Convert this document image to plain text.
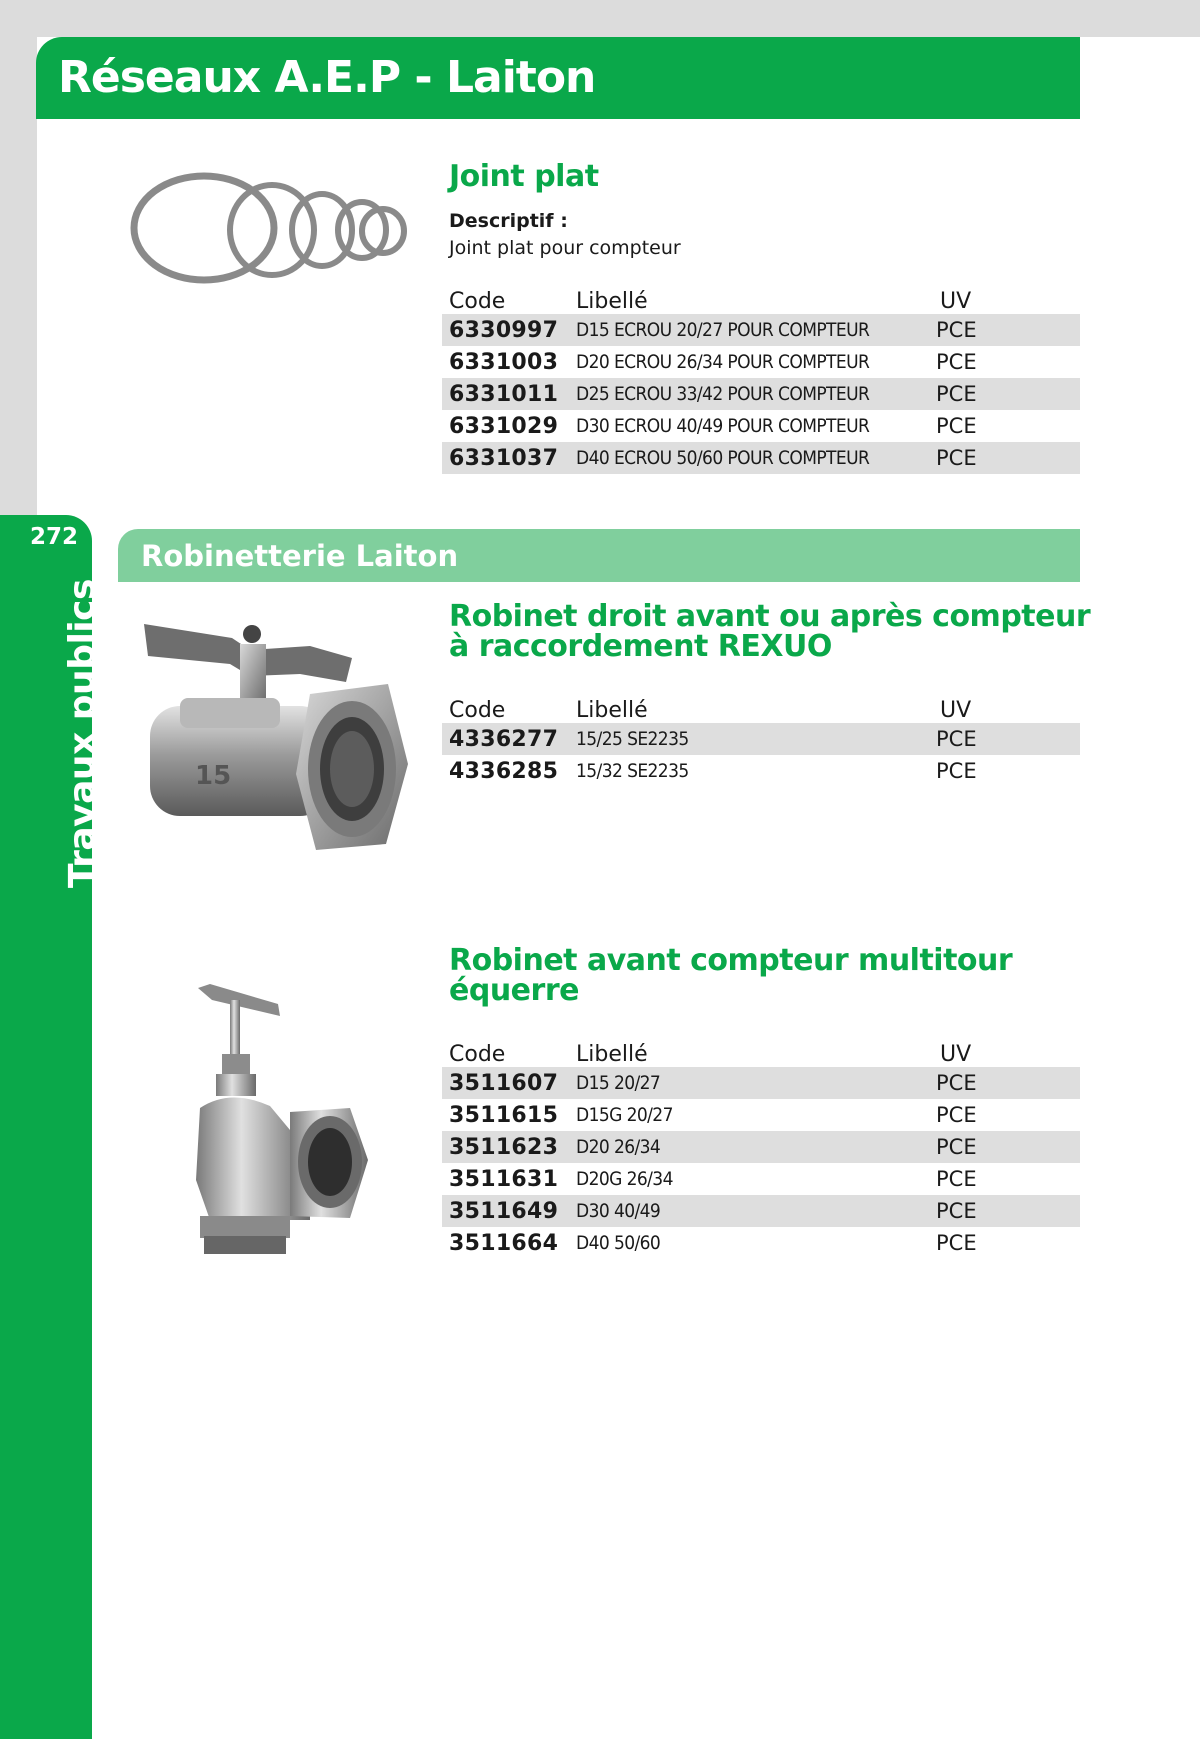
Réseaux A.E.P - Laiton
272
Travaux publics
Joint plat
Descriptif :
Joint plat pour compteur
Code	Libellé	UV
6330997	D15 ECROU 20/27 POUR COMPTEUR	PCE
6331003	D20 ECROU 26/34 POUR COMPTEUR	PCE
6331011	D25 ECROU 33/42 POUR COMPTEUR	PCE
6331029	D30 ECROU 40/49 POUR COMPTEUR	PCE
6331037	D40 ECROU 50/60 POUR COMPTEUR	PCE
Robinetterie Laiton
15
Robinet droit avant ou après compteur
à raccordement REXUO
Code	Libellé	UV
4336277	15/25 SE2235	PCE
4336285	15/32 SE2235	PCE
Robinet avant compteur multitour
équerre
Code	Libellé	UV
3511607	D15 20/27	PCE
3511615	D15G 20/27	PCE
3511623	D20 26/34	PCE
3511631	D20G 26/34	PCE
3511649	D30 40/49	PCE
3511664	D40 50/60	PCE
